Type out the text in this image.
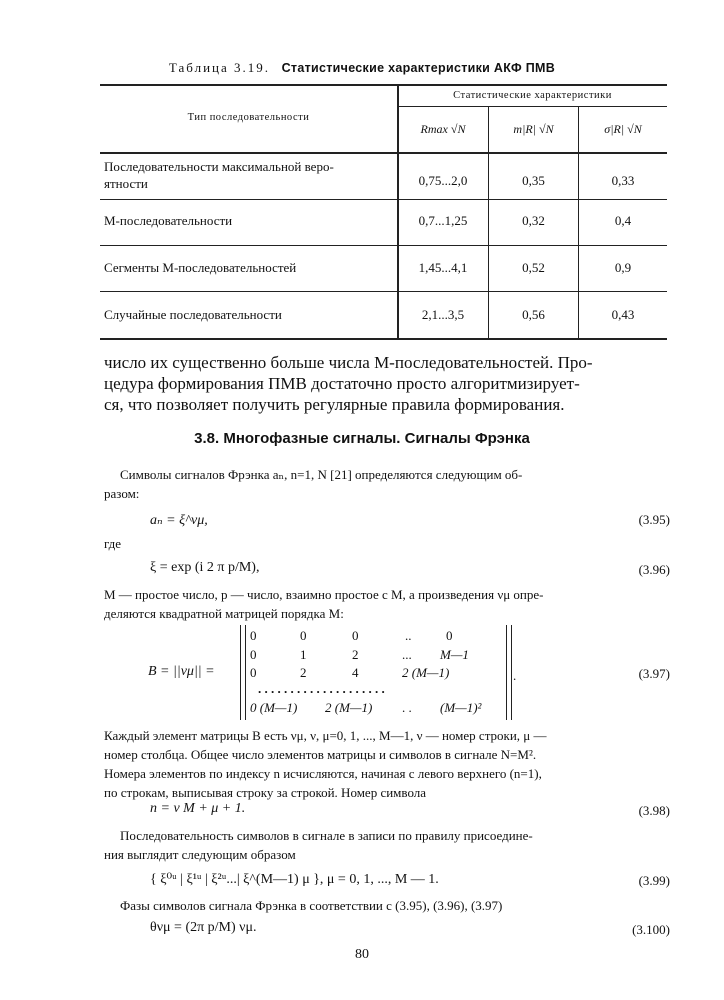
Таблица 3.19. Статистические характеристики АКФ ПМВ
Тип последовательности
Статистические характеристики
Rmax √N	m|R| √N	σ|R| √N
Последовательности максимальной веро-
ятности	0,75...2,0	0,35	0,33
М-последовательности	0,7...1,25	0,32	0,4
Сегменты М-последовательностей	1,45...4,1	0,52	0,9
Случайные последовательности	2,1...3,5	0,56	0,43
число их существенно больше числа М-последовательностей. Про-
цедура формирования ПМВ достаточно просто алгоритмизирует-
ся, что позволяет получить регулярные правила формирования.
3.8. Многофазные сигналы. Сигналы Фрэнка
Символы сигналов Фрэнка aₙ, n=1, N [21] определяются следующим об-
разом:
aₙ = ξ^νμ,	(3.95)
где
ξ = exp (i 2 π p/M),	(3.96)
M — простое число, p — число, взаимно простое с M, а произведения νμ опре-
деляются квадратной матрицей порядка M:
B = ||νμ|| =
0	0	0	..	0
0	1	2	... M—1
0	2	4	2 (M—1)
. . . . . . . . . . . . . . . . . . . .
0 (M—1) 2 (M—1) . . (M—1)²
.	(3.97)
Каждый элемент матрицы B есть νμ, ν, μ=0, 1, ..., M—1, ν — номер строки, μ —
номер столбца. Общее число элементов матрицы и символов в сигнале N=M².
Номера элементов по индексу n исчисляются, начиная с левого верхнего (n=1),
по строкам, выписывая строку за строкой. Номер символа
n = ν M + μ + 1.	(3.98)
Последовательность символов в сигнале в записи по правилу присоедине-
ния выглядит следующим образом
{ ξ⁰ᵘ | ξ¹ᵘ | ξ²ᵘ...| ξ^(M—1) μ }, μ = 0, 1, ..., M — 1.	(3.99)
Фазы символов сигнала Фрэнка в соответствии с (3.95), (3.96), (3.97)
θνμ = (2π p/M) νμ.	(3.100)
80
